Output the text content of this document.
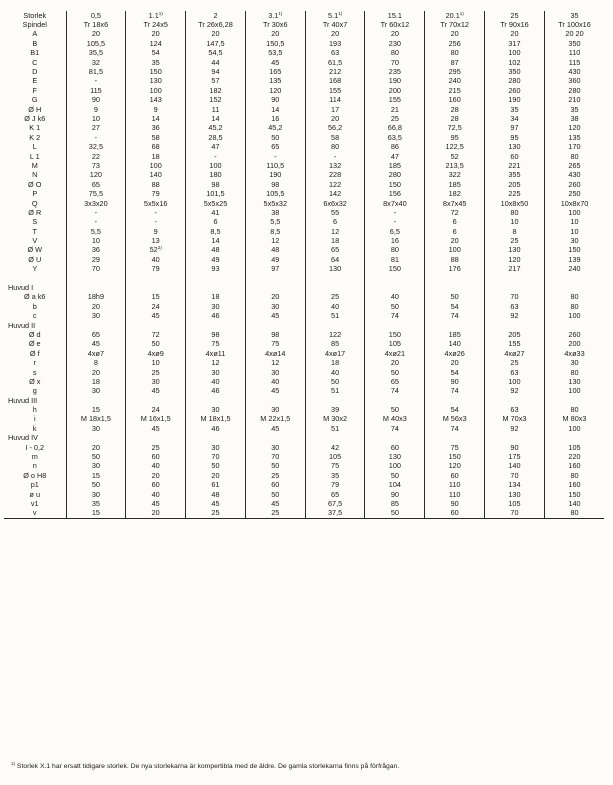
Storlek	0,5	1.1$^{1)}$	2	3.1$^{1)}$	5.1$^{1)}$	15.1	20.1$^{1)}$	25	35
Spindel	Tr 18x6	Tr 24x5	Tr 26x6,28	Tr 30x6	Tr 40x7	Tr 60x12	Tr 70x12	Tr 90x16	Tr 100x16
A	20	20	20	20	20	20	20	20	20 20
B	105,5	124	147,5	150,5	193	230	256	317	350
B1	35,5	54	54,5	53,5	63	80	80	100	110
C	32	35	44	45	61,5	70	87	102	115
D	81,5	150	94	165	212	235	295	350	430
E	-	130	57	135	168	190	240	280	360
F	115	100	182	120	155	200	215	260	280
G	90	143	152	90	114	155	160	190	210
Ø H	9	9	11	14	17	21	28	35	35
Ø J k6	10	14	14	16	20	25	28	34	38
K 1	27	36	45,2	45,2	56,2	66,8	72,5	97	120
K 2	-	58	28,5	50	58	63,5	95	95	135
L	32,5	68	47	65	80	86	122,5	130	170
L 1	22	18	-	-	-	47	52	60	80
M	73	100	100	110,5	132	185	213,5	221	265
N	120	140	180	190	228	280	322	355	430
Ø O	65	88	98	98	122	150	185	205	260
P	75,5	79	101,5	105,5	142	156	182	225	250
Q	3x3x20	5x5x16	5x5x25	5x5x32	6x6x32	8x7x40	8x7x45	10x8x50	10x8x70
Ø R	-	-	41	38	55	-	72	80	100
S	-	-	6	5,5	6	-	6	10	10
T	5,5	9	8,5	8,5	12	6,5	6	8	10
V	10	13	14	12	18	16	20	25	30
Ø W	36	52$^{2)}$	48	48	65	80	100	130	150
Ø U	29	40	49	49	64	81	88	120	139
Y	70	79	93	97	130	150	176	217	240

Huvud I									
Ø a k6	18h9	15	18	20	25	40	50	70	80
b	20	24	30	30	40	50	54	63	80
c	30	45	46	45	51	74	74	92	100
Huvud II									
Ø d	65	72	98	98	122	150	185	205	260
Ø e	45	50	75	75	85	105	140	155	200
Ø f	4xø7	4xø9	4xø11	4xø14	4xø17	4xø21	4xø26	4xø27	4xø33
r	8	10	12	12	18	20	20	25	30
s	20	25	30	30	40	50	54	63	80
Ø x	18	30	40	40	50	65	90	100	130
g	30	45	46	45	51	74	74	92	100
Huvud III									
h	15	24	30	30	39	50	54	63	80
i	M 18x1,5	M 16x1,5	M 18x1,5	M 22x1,5	M 30x2	M 40x3	M 56x3	M 70x3	M 80x3
k	30	45	46	45	51	74	74	92	100
Huvud IV									
I - 0,2	20	25	30	30	42	60	75	90	105
m	50	60	70	70	105	130	150	175	220
n	30	40	50	50	75	100	120	140	160
Ø o H8	15	20	20	25	35	50	60	70	80
p1	50	60	61	60	79	104	110	134	160
ø u	30	40	48	50	65	90	110	130	150
v1	35	45	45	45	67,5	85	90	105	140
v	15	20	25	25	37,5	50	60	70	80
$^{1)}$ Storlek X.1 har ersatt tidigare storlek. De nya storlekarna är kompertibla med de äldre. De gamla storlekarna finns på förfrågan.
